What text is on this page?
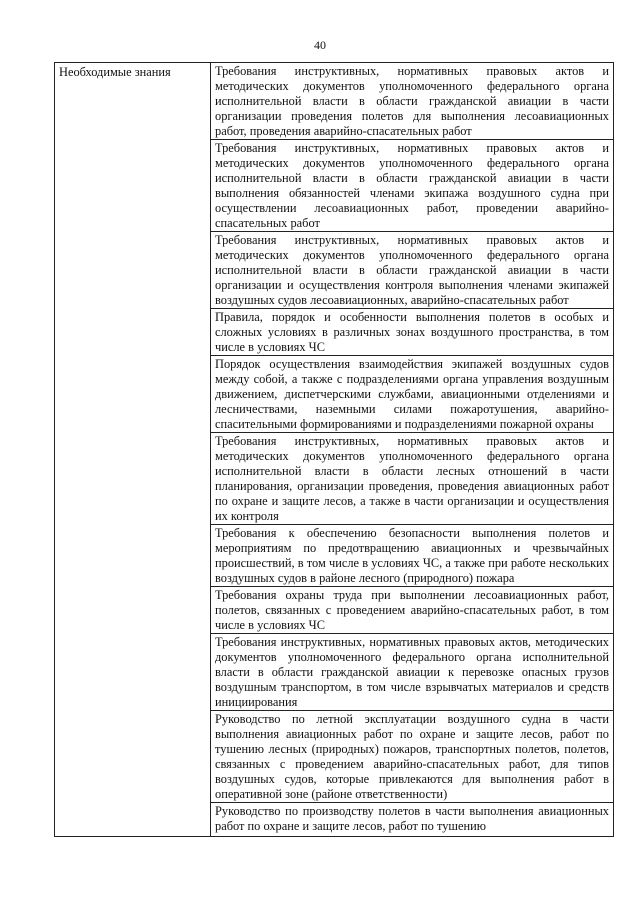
40
Необходимые знания	Требования инструктивных, нормативных правовых актов и методических документов уполномоченного федерального органа исполнительной власти в области гражданской авиации в части организации проведения полетов для выполнения лесоавиационных работ, проведения аварийно-спасательных работ
Требования инструктивных, нормативных правовых актов и методических документов уполномоченного федерального органа исполнительной власти в области гражданской авиации в части выполнения обязанностей членами экипажа воздушного судна при осуществлении лесоавиационных работ, проведении аварийно-спасательных работ
Требования инструктивных, нормативных правовых актов и методических документов уполномоченного федерального органа исполнительной власти в области гражданской авиации в части организации и осуществления контроля выполнения членами экипажей воздушных судов лесоавиационных, аварийно-спасательных работ
Правила, порядок и особенности выполнения полетов в особых и сложных условиях в различных зонах воздушного пространства, в том числе в условиях ЧС
Порядок осуществления взаимодействия экипажей воздушных судов между собой, а также с подразделениями органа управления воздушным движением, диспетчерскими службами, авиационными отделениями и лесничествами, наземными силами пожаротушения, аварийно-спасительными формированиями и подразделениями пожарной охраны
Требования инструктивных, нормативных правовых актов и методических документов уполномоченного федерального органа исполнительной власти в области лесных отношений в части планирования, организации проведения, проведения авиационных работ по охране и защите лесов, а также в части организации и осуществления их контроля
Требования к обеспечению безопасности выполнения полетов и мероприятиям по предотвращению авиационных и чрезвычайных происшествий, в том числе в условиях ЧС, а также при работе нескольких воздушных судов в районе лесного (природного) пожара
Требования охраны труда при выполнении лесоавиационных работ, полетов, связанных с проведением аварийно-спасательных работ, в том числе в условиях ЧС
Требования инструктивных, нормативных правовых актов, методических документов уполномоченного федерального органа исполнительной власти в области гражданской авиации к перевозке опасных грузов воздушным транспортом, в том числе взрывчатых материалов и средств инициирования
Руководство по летной эксплуатации воздушного судна в части выполнения авиационных работ по охране и защите лесов, работ по тушению лесных (природных) пожаров, транспортных полетов, полетов, связанных с проведением аварийно-спасательных работ, для типов воздушных судов, которые привлекаются для выполнения работ в оперативной зоне (районе ответственности)
Руководство по производству полетов в части выполнения авиационных работ по охране и защите лесов, работ по тушению
